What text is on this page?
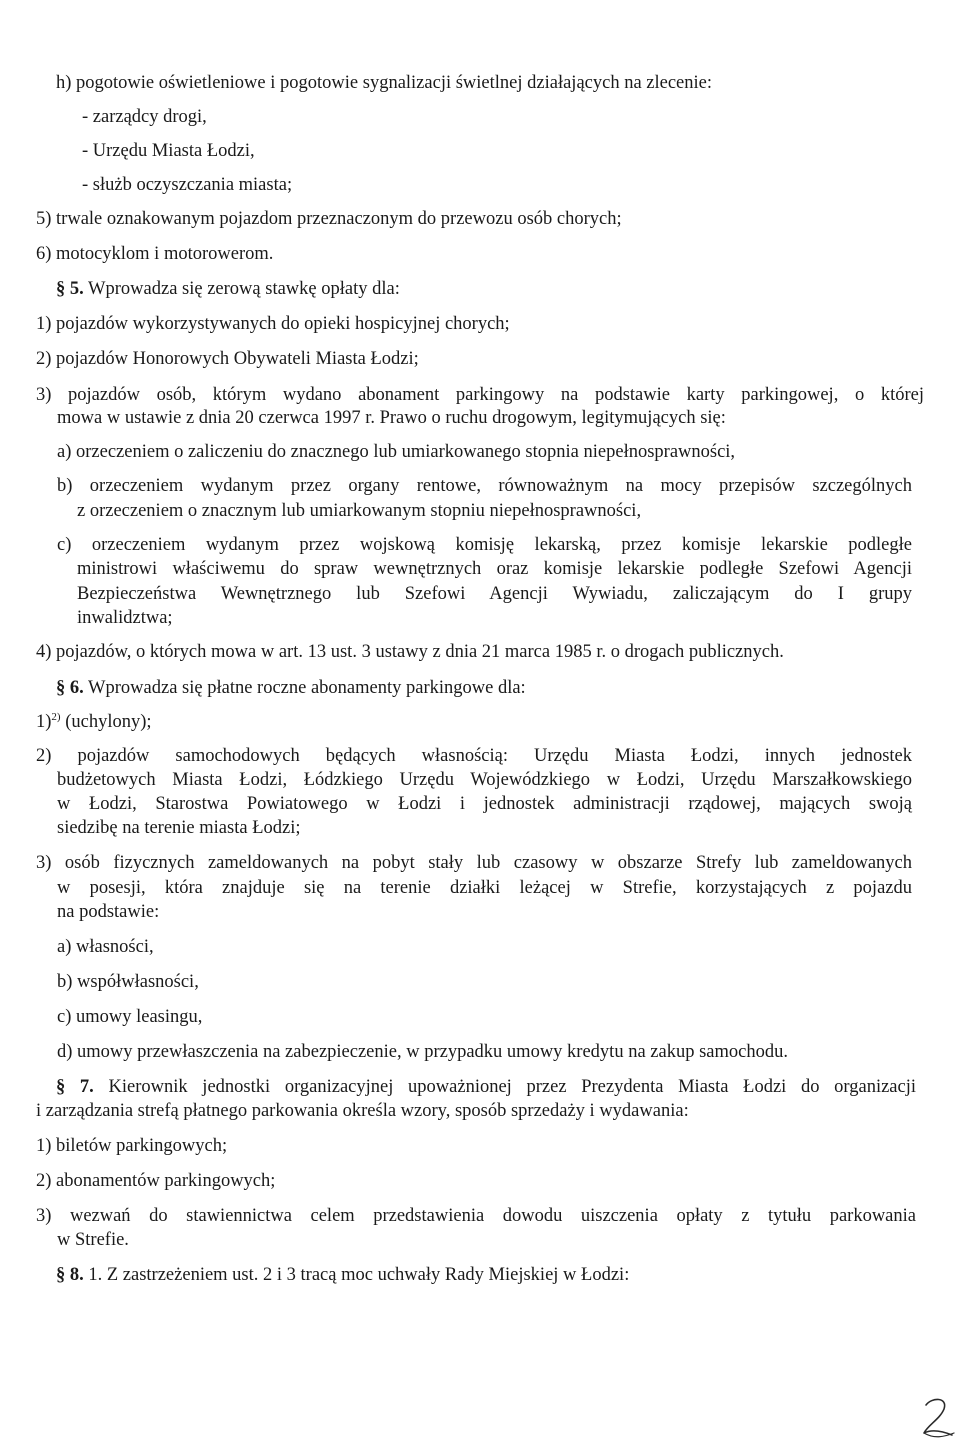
h) pogotowie oświetleniowe i pogotowie sygnalizacji świetlnej działających na zlecenie:
- zarządcy drogi,
- Urzędu Miasta Łodzi,
- służb oczyszczania miasta;
5) trwale oznakowanym pojazdom przeznaczonym do przewozu osób chorych;
6) motocyklom i motorowerom.
§ 5. Wprowadza się zerową stawkę opłaty dla:
1) pojazdów wykorzystywanych do opieki hospicyjnej chorych;
2) pojazdów Honorowych Obywateli Miasta Łodzi;
3) pojazdów osób, którym wydano abonament parkingowy na podstawie karty parkingowej, o której
mowa w ustawie z dnia 20 czerwca 1997 r. Prawo o ruchu drogowym, legitymujących się:
a) orzeczeniem o zaliczeniu do znacznego lub umiarkowanego stopnia niepełnosprawności,
b) orzeczeniem wydanym przez organy rentowe, równoważnym na mocy przepisów szczególnych
z orzeczeniem o znacznym lub umiarkowanym stopniu niepełnosprawności,
c) orzeczeniem wydanym przez wojskową komisję lekarską, przez komisje lekarskie podległe
ministrowi właściwemu do spraw wewnętrznych oraz komisje lekarskie podległe Szefowi Agencji
Bezpieczeństwa Wewnętrznego lub Szefowi Agencji Wywiadu, zaliczającym do I grupy
inwalidztwa;
4) pojazdów, o których mowa w art. 13 ust. 3 ustawy z dnia 21 marca 1985 r. o drogach publicznych.
§ 6. Wprowadza się płatne roczne abonamenty parkingowe dla:
1)$^{2)}$ (uchylony);
2) pojazdów samochodowych będących własnością: Urzędu Miasta Łodzi, innych jednostek
budżetowych Miasta Łodzi, Łódzkiego Urzędu Wojewódzkiego w Łodzi, Urzędu Marszałkowskiego
w Łodzi, Starostwa Powiatowego w Łodzi i jednostek administracji rządowej, mających swoją
siedzibę na terenie miasta Łodzi;
3) osób fizycznych zameldowanych na pobyt stały lub czasowy w obszarze Strefy lub zameldowanych
w posesji, która znajduje się na terenie działki leżącej w Strefie, korzystających z pojazdu
na podstawie:
a) własności,
b) współwłasności,
c) umowy leasingu,
d) umowy przewłaszczenia na zabezpieczenie, w przypadku umowy kredytu na zakup samochodu.
§ 7. Kierownik jednostki organizacyjnej upoważnionej przez Prezydenta Miasta Łodzi do organizacji
i zarządzania strefą płatnego parkowania określa wzory, sposób sprzedaży i wydawania:
1) biletów parkingowych;
2) abonamentów parkingowych;
3) wezwań do stawiennictwa celem przedstawienia dowodu uiszczenia opłaty z tytułu parkowania
w Strefie.
§ 8. 1. Z zastrzeżeniem ust. 2 i 3 tracą moc uchwały Rady Miejskiej w Łodzi:
